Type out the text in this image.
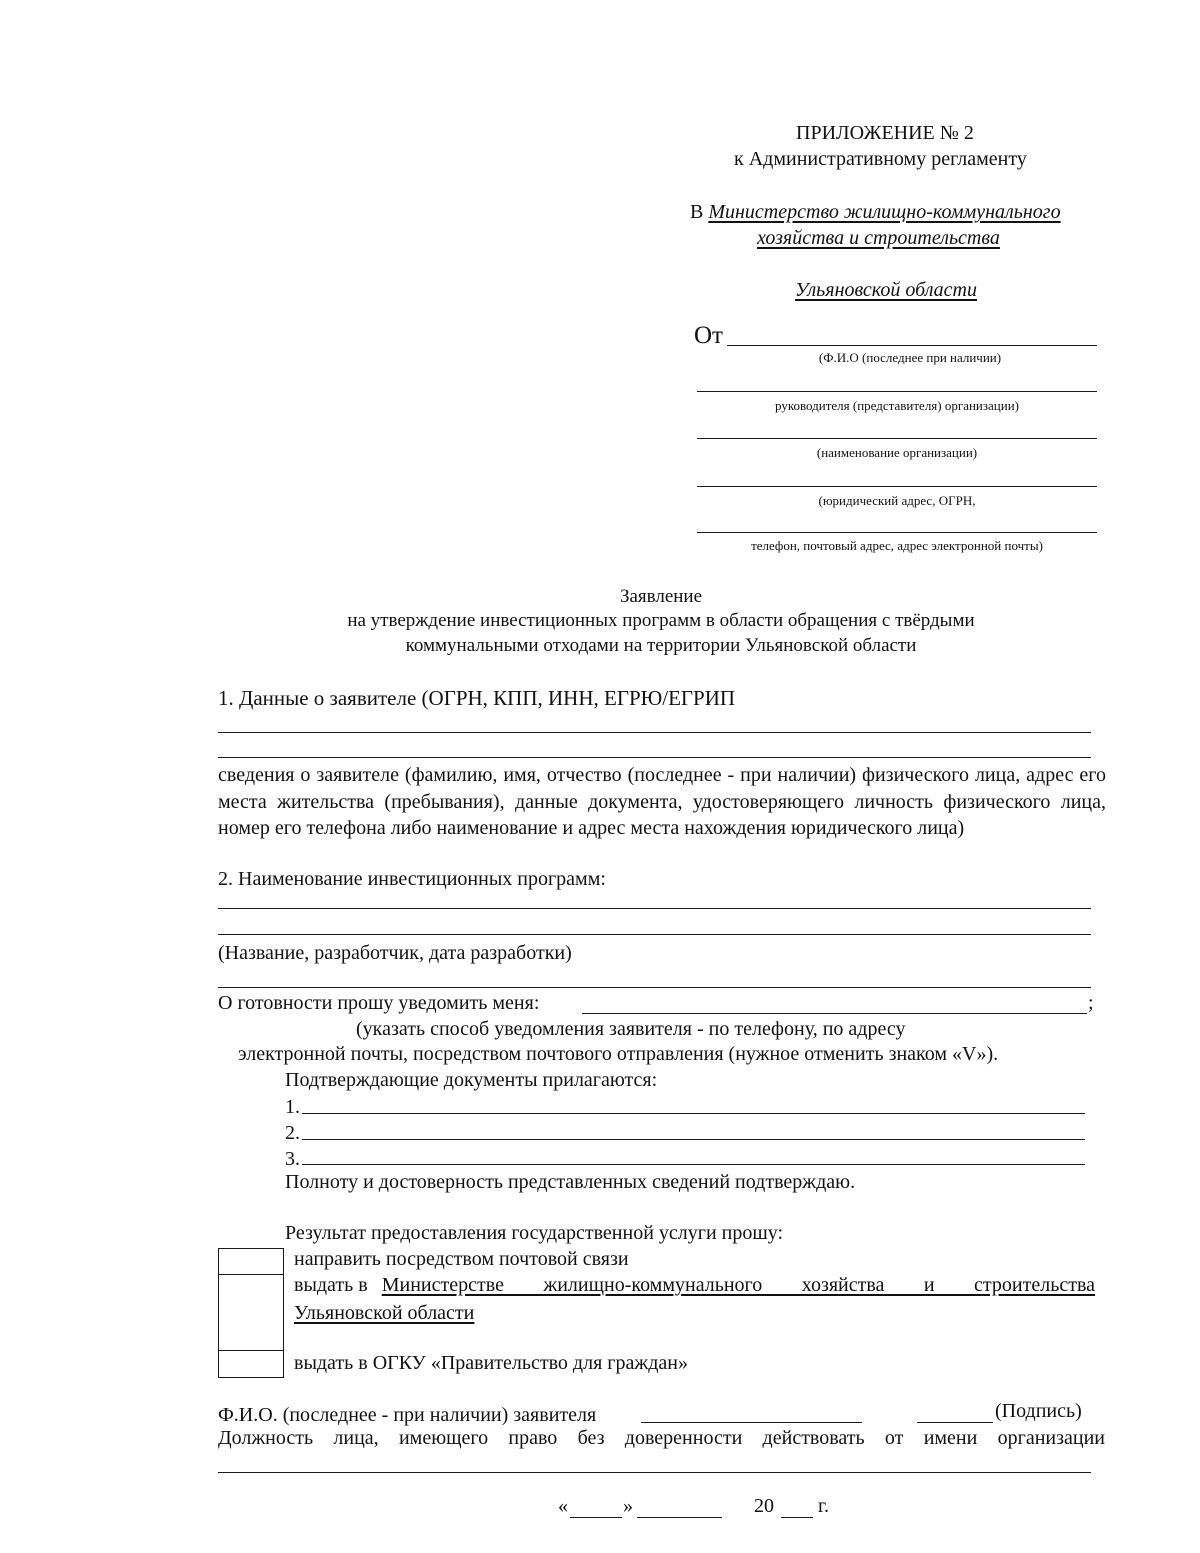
ПРИЛОЖЕНИЕ № 2
к Административному регламенту
В Министерство жилищно-коммунального
хозяйства и строительства
Ульяновской области
От
(Ф.И.О (последнее при наличии)
руководителя (представителя) организации)
(наименование организации)
(юридический адрес, ОГРН,
телефон, почтовый адрес, адрес электронной почты)
Заявление
на утверждение инвестиционных программ в области обращения с твёрдыми
коммунальными отходами на территории Ульяновской области
1. Данные о заявителе (ОГРН, КПП, ИНН, ЕГРЮ/ЕГРИП
сведения о заявителе (фамилию, имя, отчество (последнее - при наличии) физического лица, адрес его места жительства (пребывания), данные документа, удостоверяющего личность физического лица, номер его телефона либо наименование и адрес места нахождения юридического лица)
2. Наименование инвестиционных программ:
(Название, разработчик, дата разработки)
О готовности прошу уведомить меня:	;
(указать способ уведомления заявителя - по телефону, по адресу
электронной почты, посредством почтового отправления (нужное отменить знаком «V»).
Подтверждающие документы прилагаются:
1.
2.
3.
Полноту и достоверность представленных сведений подтверждаю.
Результат предоставления государственной услуги прошу:
направить посредством почтовой связи
выдать в Министерстве жилищно-коммунального хозяйства и строительства
Ульяновской области
выдать в ОГКУ «Правительство для граждан»
Ф.И.О. (последнее - при наличии) заявителя	(Подпись)
Должность лица, имеющего право без доверенности действовать от имени организации
«	»	20 г.
